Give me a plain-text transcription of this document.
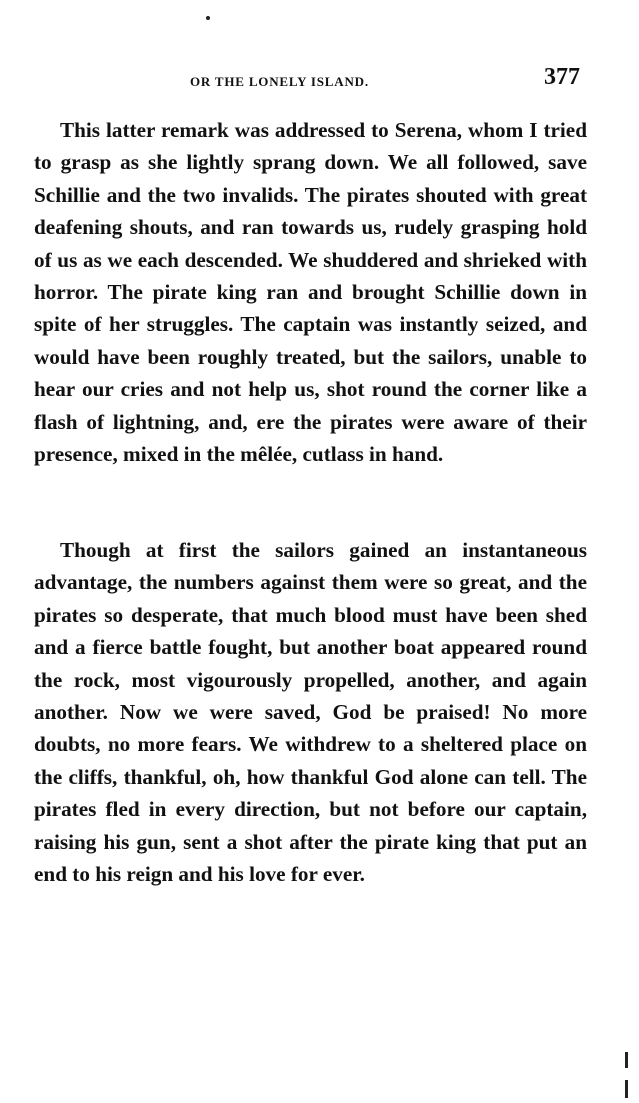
OR THE LONELY ISLAND.	377

This latter remark was addressed to Serena, whom I tried to grasp as she lightly sprang down. We all followed, save Schillie and the two invalids. The pirates shouted with great deafening shouts, and ran towards us, rudely grasping hold of us as we each descended. We shuddered and shrieked with horror. The pirate king ran and brought Schillie down in spite of her struggles. The captain was instantly seized, and would have been roughly treated, but the sailors, unable to hear our cries and not help us, shot round the corner like a flash of lightning, and, ere the pirates were aware of their presence, mixed in the mêlée, cutlass in hand.

Though at first the sailors gained an instantaneous advantage, the numbers against them were so great, and the pirates so desperate, that much blood must have been shed and a fierce battle fought, but another boat appeared round the rock, most vigourously propelled, another, and again another. Now we were saved, God be praised! No more doubts, no more fears. We withdrew to a sheltered place on the cliffs, thankful, oh, how thankful God alone can tell. The pirates fled in every direction, but not before our captain, raising his gun, sent a shot after the pirate king that put an end to his reign and his love for ever.
